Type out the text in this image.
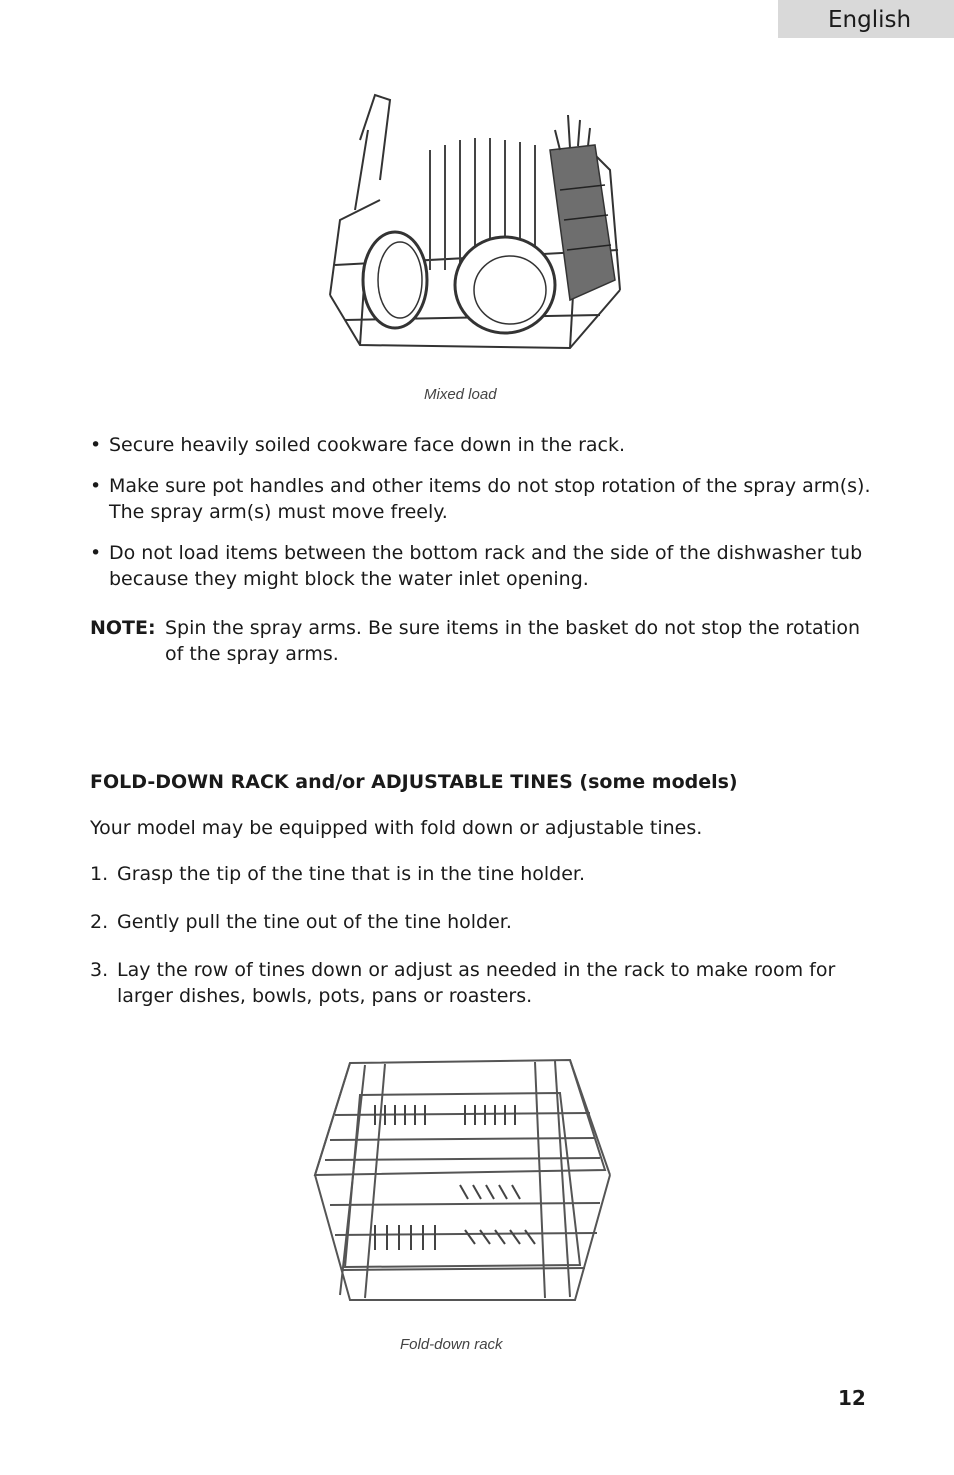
English
Mixed load
• Secure heavily soiled cookware face down in the rack.
• Make sure pot handles and other items do not stop rotation of the spray arm(s). The spray arm(s) must move freely.
• Do not load items between the bottom rack and the side of the dishwasher tub because they might block the water inlet opening.
NOTE: Spin the spray arms. Be sure items in the basket do not stop the rotation of the spray arms.
FOLD-DOWN RACK and/or ADJUSTABLE TINES (some models)
Your model may be equipped with fold down or adjustable tines.
1. Grasp the tip of the tine that is in the tine holder.
2. Gently pull the tine out of the tine holder.
3. Lay the row of tines down or adjust as needed in the rack to make room for larger dishes, bowls, pots, pans or roasters.
Fold-down rack
12
